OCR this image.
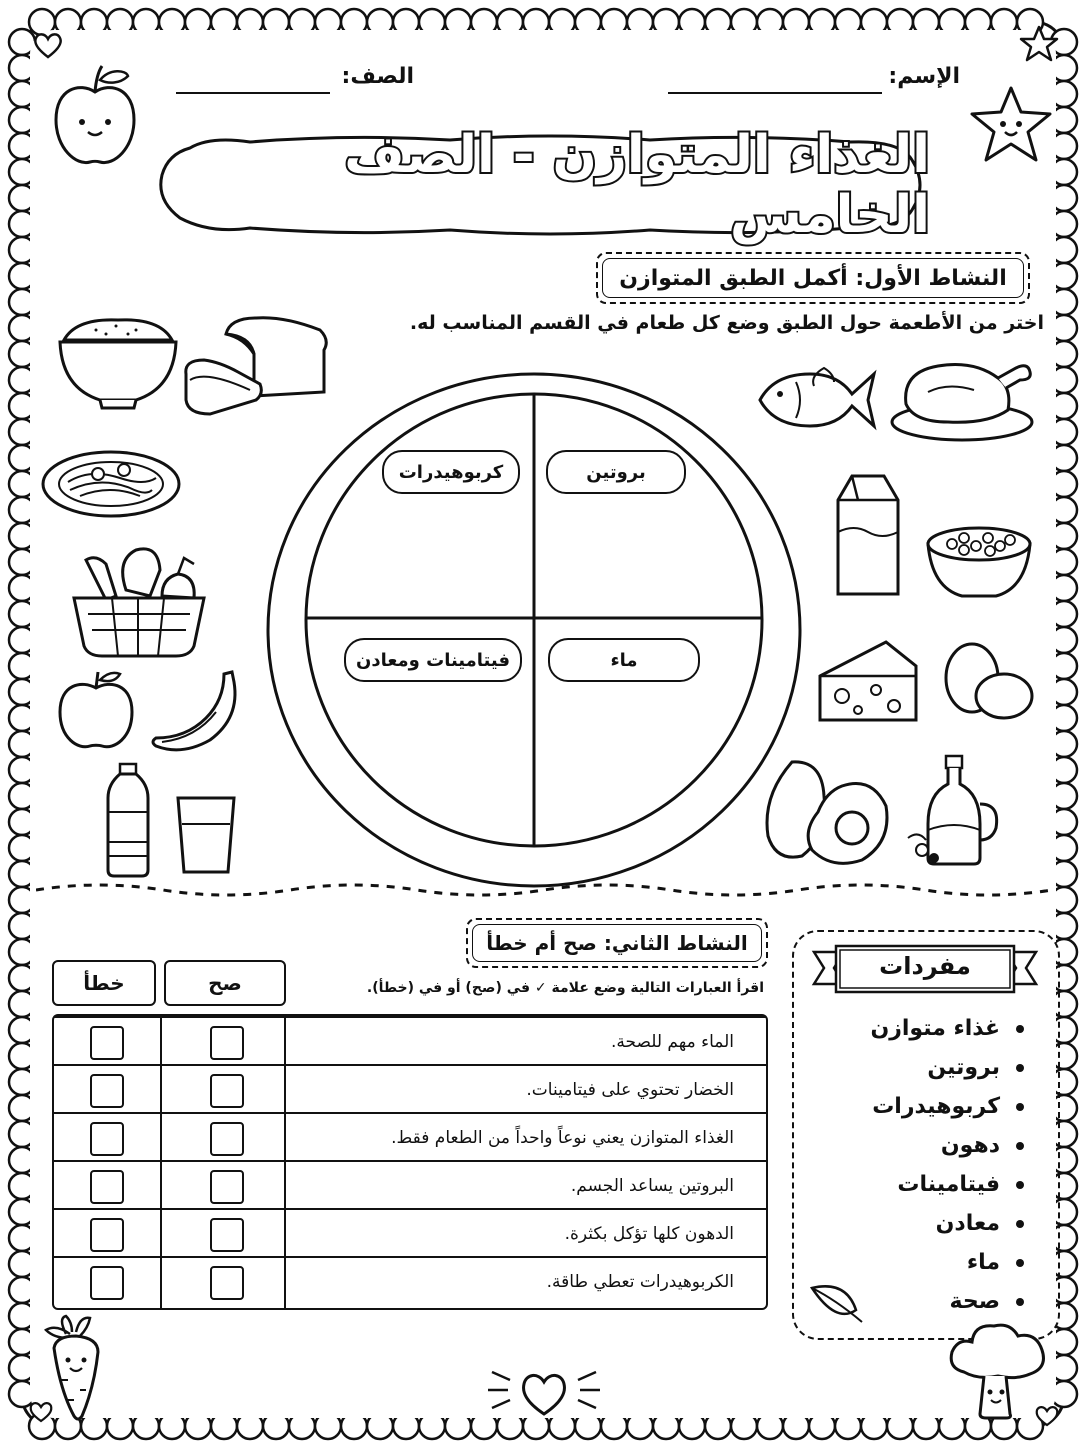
الإسم:
الصف:
الغذاء المتوازن - الصف الخامس
النشاط الأول: أكمل الطبق المتوازن
اختر من الأطعمة حول الطبق وضع كل طعام في القسم المناسب له.
كربوهيدرات	بروتين
فيتامينات ومعادن	ماء
النشاط الثاني: صح أم خطأ
اقرأ العبارات التالية وضع علامة ✓ في (صح) أو في (خطأ).
خطأ	صح
الماء مهم للصحة.
الخضار تحتوي على فيتامينات.
الغذاء المتوازن يعني نوعاً واحداً من الطعام فقط.
البروتين يساعد الجسم.
الدهون كلها تؤكل بكثرة.
الكربوهيدرات تعطي طاقة.
مفردات
غذاء متوازن
بروتين
كربوهيدرات
دهون
فيتامينات
معادن
ماء
صحة
